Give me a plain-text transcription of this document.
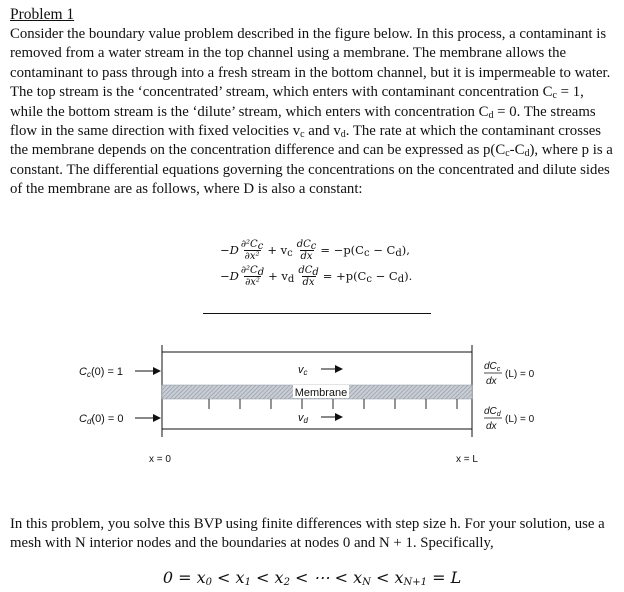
Problem 1

Consider the boundary value problem described in the figure below. In this process, a contaminant is removed from a water stream in the top channel using a membrane. The membrane allows the contaminant to pass through into a fresh stream in the bottom channel, but it is impermeable to water. The top stream is the ‘concentrated’ stream, which enters with contaminant concentration $C_c = 1$, while the bottom stream is the ‘dilute’ stream, which enters with concentration $C_d = 0$. The streams flow in the same direction with fixed velocities $v_c$ and $v_d$. The rate at which the contaminant crosses the membrane depends on the concentration difference and can be expressed as $p(C_c-C_d)$, where p is a constant. The differential equations governing the concentrations on the concentrated and dilute sides of the membrane are as follows, where D is also a constant:

$-D \frac{\partial^2C_c}{\text{∂x²}} + v_c \frac{dC_c}{dx} = -p(C_c - C_d)$,
$-D \frac{\partial^2C_d}{\text{∂x²}} + v_d \frac{dC_d}{dx} = +p(C_c - C_d)$.
Membrane
Cc(0) = 1
Cd(0) = 0
vc
vd
$dC_c$
dx
(L) = 0
$dC_d$
dx
(L) = 0
x = 0	x = L

In this problem, you solve this BVP using finite differences with step size h. For your solution, use a mesh with N interior nodes and the boundaries at nodes 0 and N + 1. Specifically,

$0 = x_0 < x_1 < x_2$ < ⋯ < $x_N < x_{N+1} = L$
